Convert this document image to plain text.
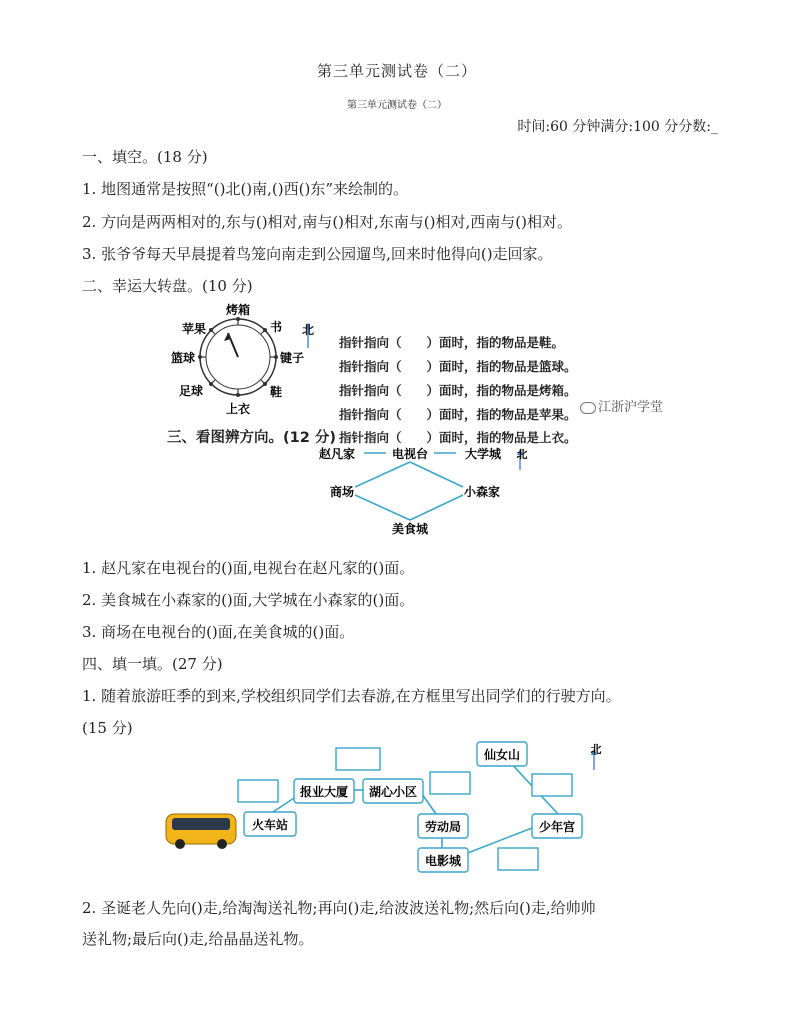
第三单元测试卷（二）
第三单元测试卷（二）
时间:60 分钟满分:100 分分数:_
一、填空。(18 分)
1. 地图通常是按照“()北()南,()西()东”来绘制的。
2. 方向是两两相对的,东与()相对,南与()相对,东南与()相对,西南与()相对。
3. 张爷爷每天早晨提着鸟笼向南走到公园遛鸟,回来时他得向()走回家。
二、幸运大转盘。(10 分)
烤箱
书
键子
鞋
上衣
足球
篮球
苹果	北
指针指向（　　）面时，指的物品是鞋。
指针指向（　　）面时，指的物品是篮球。
指针指向（　　）面时，指的物品是烤箱。
指针指向（　　）面时，指的物品是苹果。
指针指向（　　）面时，指的物品是上衣。
江浙沪学堂
三、看图辨方向。(12 分)
赵凡家	电视台	大学城
商场	小森家
美食城
北
1. 赵凡家在电视台的()面,电视台在赵凡家的()面。
2. 美食城在小森家的()面,大学城在小森家的()面。
3. 商场在电视台的()面,在美食城的()面。
四、填一填。(27 分)
1. 随着旅游旺季的到来,学校组织同学们去春游,在方框里写出同学们的行驶方向。
(15 分)
火车站
报业大厦 湖心小区
劳动局
电影城
少年宫
仙女山	北
2. 圣诞老人先向()走,给淘淘送礼物;再向()走,给波波送礼物;然后向()走,给帅帅
送礼物;最后向()走,给晶晶送礼物。
